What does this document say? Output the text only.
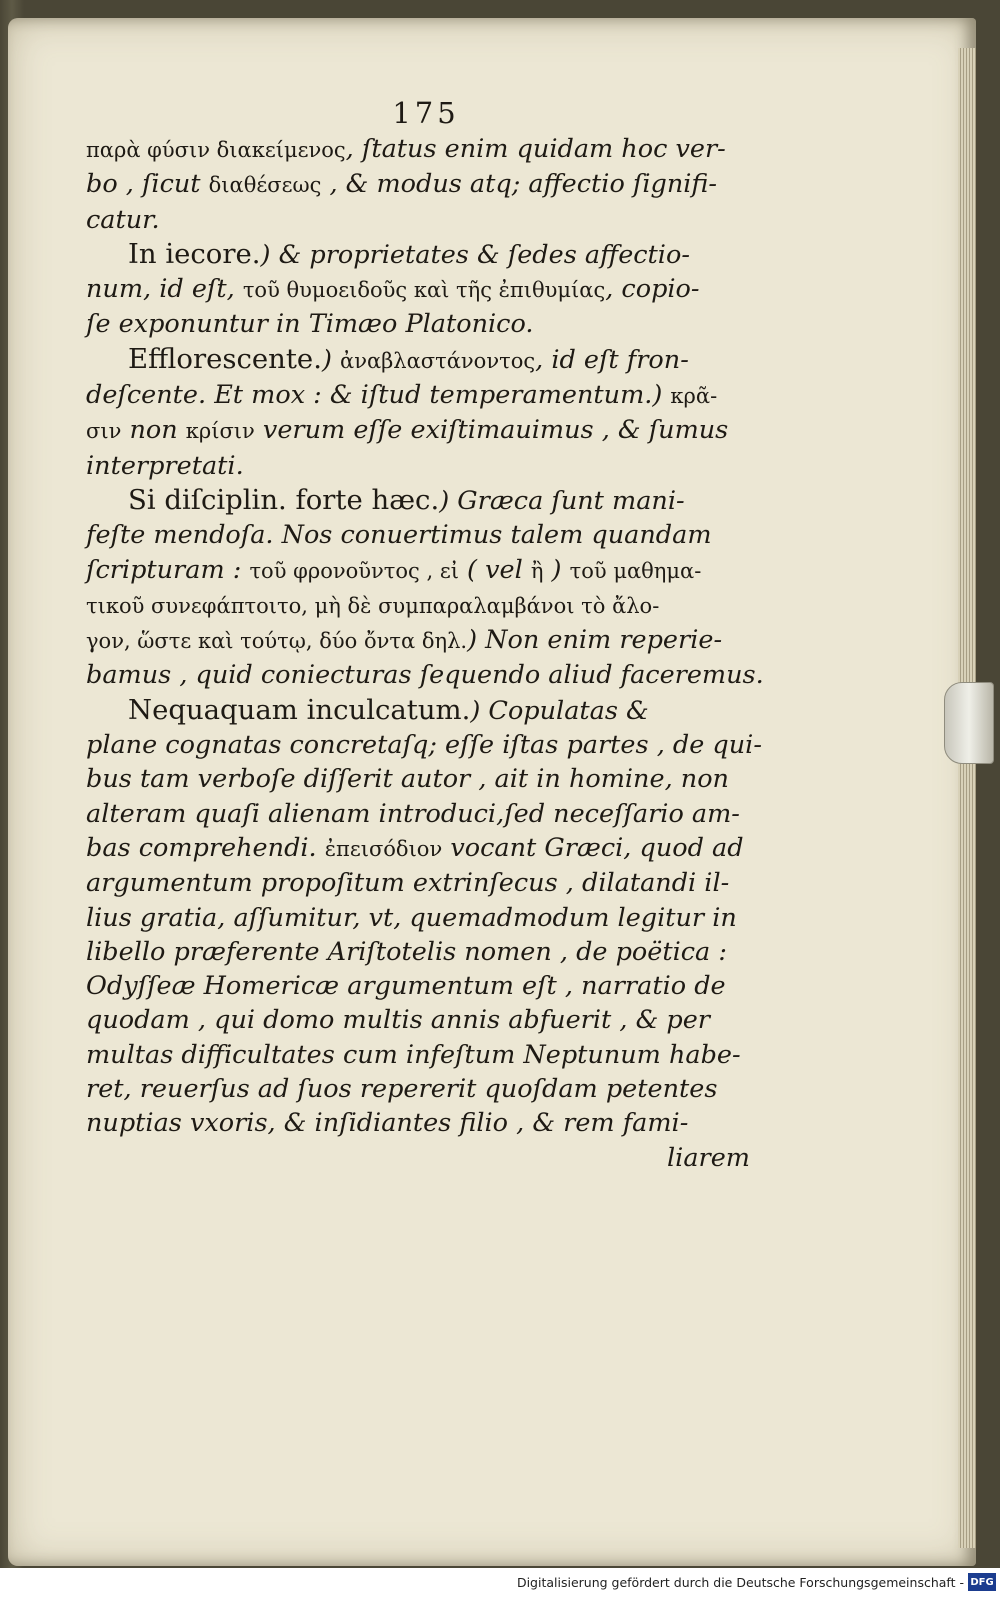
175
παρὰ φύσιν διακείμενος, ſtatus enim quidam hoc ver-
bo , ſicut διαθέσεως , & modus atq; affectio ſignifi-
catur.
In iecore.) & proprietates & ſedes affectio-
num, id eſt, τοῦ θυμοειδοῦς καὶ τῆς ἐπιθυμίας, copio-
ſe exponuntur in Timæo Platonico.
Efflorescente.) ἀναβλαστάνοντος, id eſt fron-
deſcente. Et mox : & iſtud temperamentum.) κρᾶ-
σιν non κρίσιν verum eſſe exiſtimauimus , & ſumus
interpretati.
Si diſciplin. forte hæc.) Græca ſunt mani-
feſte mendoſa. Nos conuertimus talem quandam
ſcripturam : τοῦ φρονοῦντος , εἰ ( vel ἢ ) τοῦ μαθημα-
τικοῦ συνεφάπτοιτο, μὴ δὲ συμπαραλαμβάνοι τὸ ἄλο-
γον, ὥστε καὶ τούτῳ, δύο ὄντα δηλ.) Non enim reperie-
bamus , quid coniecturas ſequendo aliud faceremus.
Nequaquam inculcatum.) Copulatas &
plane cognatas concretaſq; eſſe iſtas partes , de qui-
bus tam verboſe diſſerit autor , ait in homine, non
alteram quaſi alienam introduci,ſed neceſſario am-
bas comprehendi. ἐπεισόδιον vocant Græci, quod ad
argumentum propoſitum extrinſecus , dilatandi il-
lius gratia, aſſumitur, vt, quemadmodum legitur in
libello præferente Ariſtotelis nomen , de poëtica :
Odyſſeæ Homericæ argumentum eſt , narratio de
quodam , qui domo multis annis abfuerit , & per
multas difficultates cum infeſtum Neptunum habe-
ret, reuerſus ad ſuos repererit quoſdam petentes
nuptias vxoris, & inſidiantes filio , & rem fami-
liarem
Digitalisierung gefördert durch die Deutsche Forschungsgemeinschaft - DFG
